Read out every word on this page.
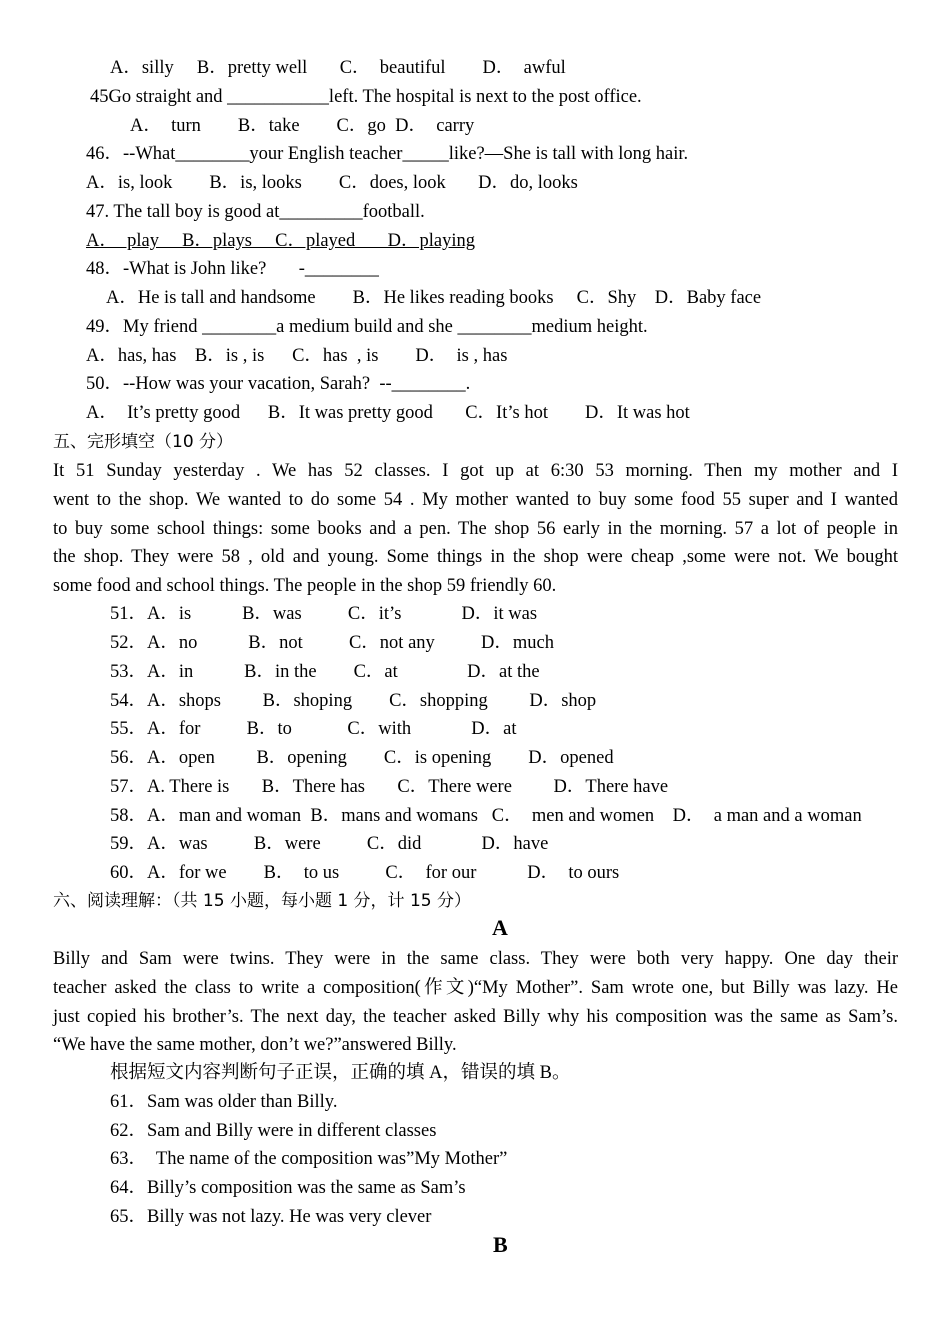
A．silly     B．pretty well       C．  beautiful        D．  awful
45Go straight and ___________left. The hospital is next to the post office.
A．  turn        B．take        C．go  D．  carry
46．--What________your English teacher_____like?—She is tall with long hair.
A．is, look        B．is, looks        C．does, look       D．do, looks
47. The tall boy is good at_________football.
A．  play     B．plays     C．played       D．playing
48．-What is John like?       -________
A．He is tall and handsome        B．He likes reading books     C．Shy    D．Baby face
49．My friend ________a medium build and she ________medium height.
A．has, has    B．is , is      C．has  , is        D．  is , has
50．--How was your vacation, Sarah?  --________.
A．  It’s pretty good      B．It was pretty good       C．It’s hot        D．It was hot
五、完形填空（10 分）
It 51 Sunday yesterday . We has 52 classes. I got up at 6:30 53 morning. Then my mother and I
went to the shop. We wanted to do some 54 . My mother wanted to buy some food 55 super and I wanted
to buy some school things: some books and a pen. The shop 56 early in the morning. 57 a lot of people in
the shop. They were 58 , old and young. Some things in the shop were cheap ,some were not. We bought
some food and school things. The people in the shop 59 friendly 60.
51．A．is           B．was          C．it’s             D．it was
52．A．no           B．not          C．not any          D．much
53．A．in           B．in the        C．at               D．at the
54．A．shops         B．shoping        C．shopping         D．shop
55．A．for          B．to            C．with             D．at
56．A．open         B．opening        C．is opening        D．opened
57．A. There is       B．There has       C．There were         D．There have
58．A．man and woman  B．mans and womans   C．  men and women    D．  a man and a woman
59．A．was          B．were          C．did             D．have
60．A．for we        B．  to us          C．  for our           D．  to ours
六、阅读理解：（共 15 小题，每小题 1 分，计 15 分）
A
Billy and Sam were twins. They were in the same class. They were both very happy. One day their
teacher asked the class to write a composition(作文)“My Mother”. Sam wrote one, but Billy was lazy. He
just copied his brother’s. The next day, the teacher asked Billy why his composition was the same as Sam’s.
“We have the same mother, don’t we?”answered Billy.
根据短文内容判断句子正误，正确的填 A，错误的填 B。
61．Sam was older than Billy.
62．Sam and Billy were in different classes
63．  The name of the composition was”My Mother”
64．Billy’s composition was the same as Sam’s
65．Billy was not lazy. He was very clever
B
